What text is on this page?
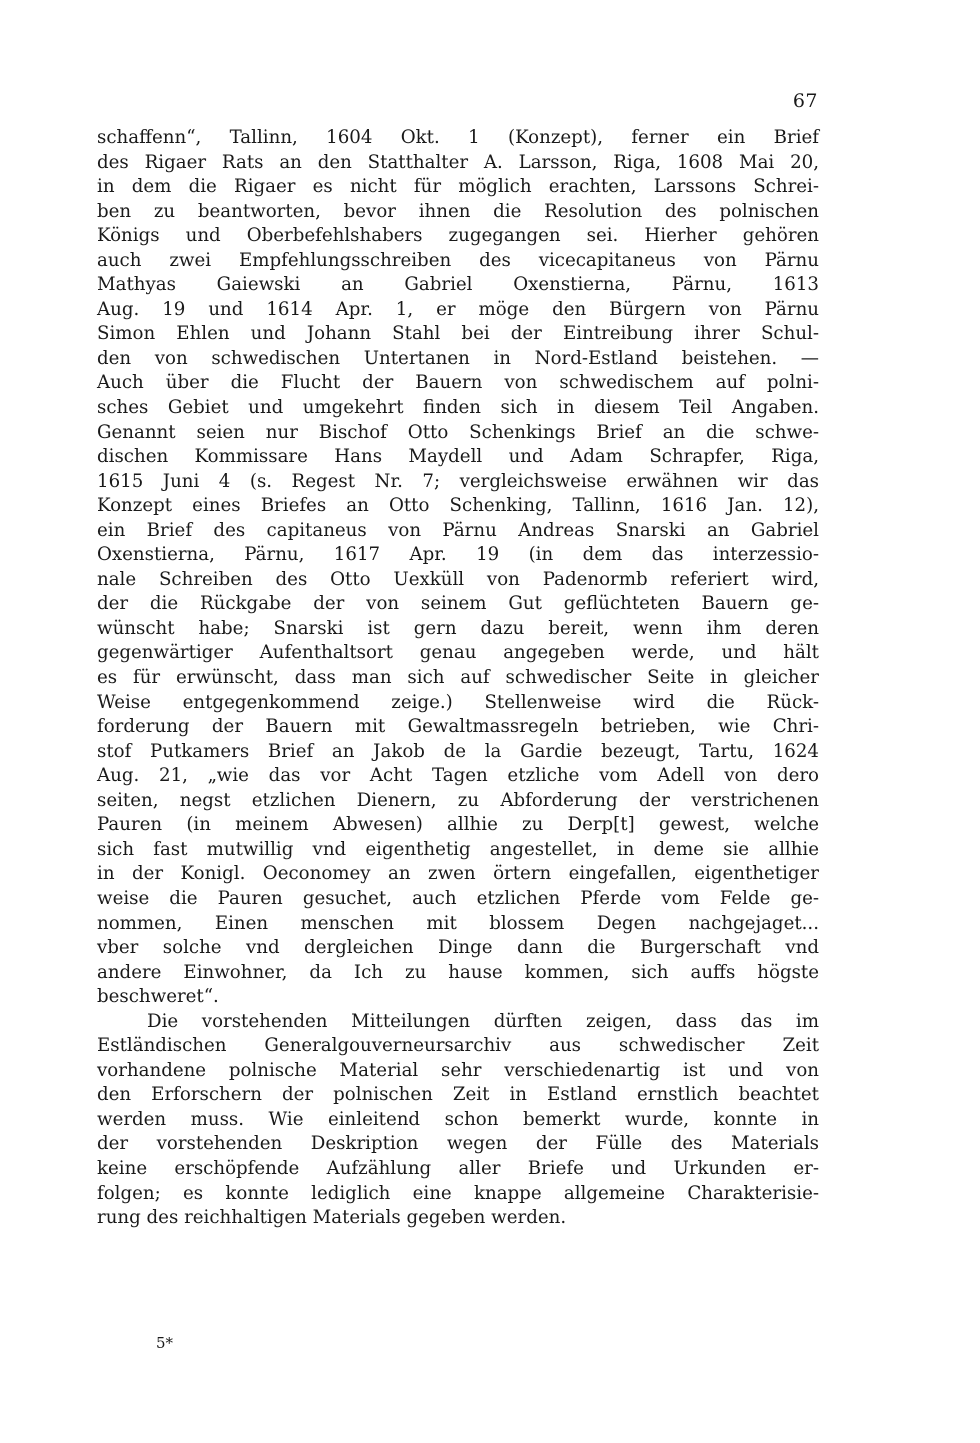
67
schaffenn“, Tallinn, 1604 Okt. 1 (Konzept), ferner ein Brief
des Rigaer Rats an den Statthalter A. Larsson, Riga, 1608 Mai 20,
in dem die Rigaer es nicht für möglich erachten, Larssons Schrei-
ben zu beantworten, bevor ihnen die Resolution des polnischen
Königs und Oberbefehlshabers zugegangen sei. Hierher gehören
auch zwei Empfehlungsschreiben des vicecapitaneus von Pärnu
Mathyas Gaiewski an Gabriel Oxenstierna, Pärnu, 1613
Aug. 19 und 1614 Apr. 1, er möge den Bürgern von Pärnu
Simon Ehlen und Johann Stahl bei der Eintreibung ihrer Schul-
den von schwedischen Untertanen in Nord-Estland beistehen. —
Auch über die Flucht der Bauern von schwedischem auf polni-
sches Gebiet und umgekehrt finden sich in diesem Teil Angaben.
Genannt seien nur Bischof Otto Schenkings Brief an die schwe-
dischen Kommissare Hans Maydell und Adam Schrapfer, Riga,
1615 Juni 4 (s. Regest Nr. 7; vergleichsweise erwähnen wir das
Konzept eines Briefes an Otto Schenking, Tallinn, 1616 Jan. 12),
ein Brief des capitaneus von Pärnu Andreas Snarski an Gabriel
Oxenstierna, Pärnu, 1617 Apr. 19 (in dem das interzessio-
nale Schreiben des Otto Uexküll von Padenormb referiert wird,
der die Rückgabe der von seinem Gut geflüchteten Bauern ge-
wünscht habe; Snarski ist gern dazu bereit, wenn ihm deren
gegenwärtiger Aufenthaltsort genau angegeben werde, und hält
es für erwünscht, dass man sich auf schwedischer Seite in gleicher
Weise entgegenkommend zeige.) Stellenweise wird die Rück-
forderung der Bauern mit Gewaltmassregeln betrieben, wie Chri-
stof Putkamers Brief an Jakob de la Gardie bezeugt, Tartu, 1624
Aug. 21, „wie das vor Acht Tagen etzliche vom Adell von dero
seiten, negst etzlichen Dienern, zu Abforderung der verstrichenen
Pauren (in meinem Abwesen) allhie zu Derp[t] gewest, welche
sich fast mutwillig vnd eigenthetig angestellet, in deme sie allhie
in der Konigl. Oeconomey an zwen örtern eingefallen, eigenthetiger
weise die Pauren gesuchet, auch etzlichen Pferde vom Felde ge-
nommen, Einen menschen mit blossem Degen nachgejaget...
vber solche vnd dergleichen Dinge dann die Burgerschaft vnd
andere Einwohner, da Ich zu hause kommen, sich auffs högste
beschweret“.
Die vorstehenden Mitteilungen dürften zeigen, dass das im
Estländischen Generalgouverneursarchiv aus schwedischer Zeit
vorhandene polnische Material sehr verschiedenartig ist und von
den Erforschern der polnischen Zeit in Estland ernstlich beachtet
werden muss. Wie einleitend schon bemerkt wurde, konnte in
der vorstehenden Deskription wegen der Fülle des Materials
keine erschöpfende Aufzählung aller Briefe und Urkunden er-
folgen; es konnte lediglich eine knappe allgemeine Charakterisie-
rung des reichhaltigen Materials gegeben werden.
5*
